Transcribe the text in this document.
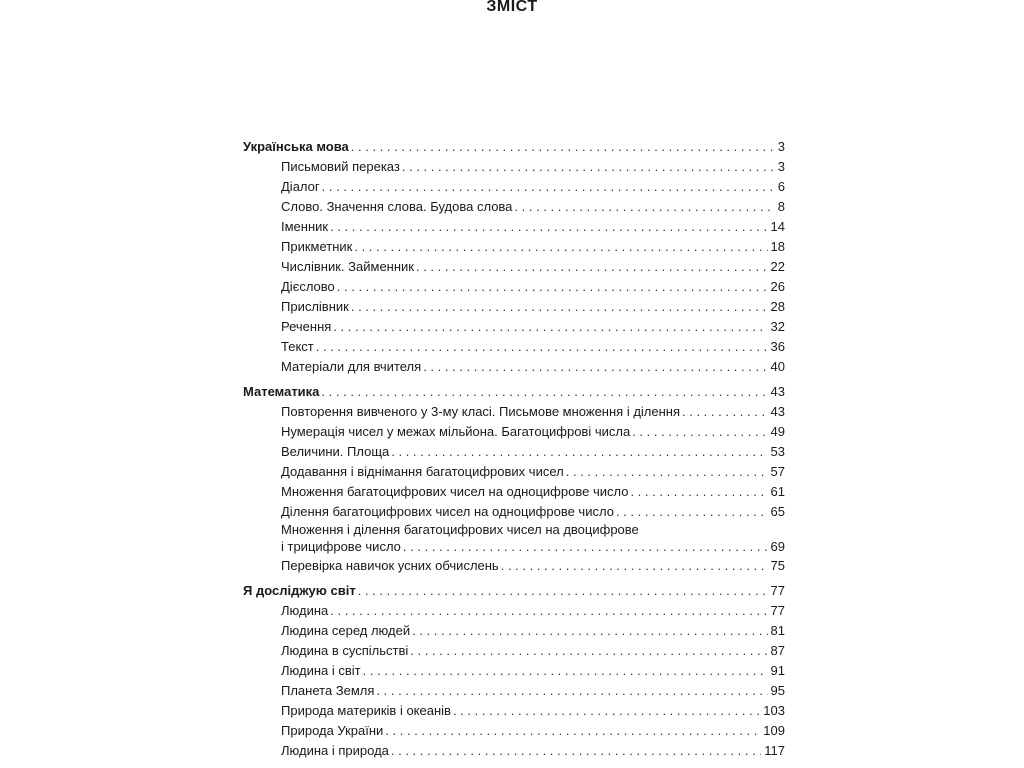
ЗМІСТ
Українська мова . . .	3
Письмовий переказ . . .	3
Діалог . . .	6
Слово. Значення слова. Будова слова . . .	8
Іменник . . .	14
Прикметник . . .	18
Числівник. Займенник . . .	22
Дієслово . . .	26
Прислівник . . .	28
Речення . . .	32
Текст . . .	36
Матеріали для вчителя . . .	40
Математика . . .	43
Повторення вивченого у 3-му класі. Письмове множення і ділення . . .	43
Нумерація чисел у межах мільйона. Багатоцифрові числа . . .	49
Величини. Площа . . .	53
Додавання і віднімання багатоцифрових чисел . . .	57
Множення багатоцифрових чисел на одноцифрове число . . .	61
Ділення багатоцифрових чисел на одноцифрове число . . .	65
Множення і ділення багатоцифрових чисел на двоцифрове
і трицифрове число . . .	69
Перевірка навичок усних обчислень . . .	75
Я досліджую світ . . .	77
Людина . . .	77
Людина серед людей . . .	81
Людина в суспільстві . . .	87
Людина і світ . . .	91
Планета Земля . . .	95
Природа материків і океанів . . .	103
Природа України . . .	109
Людина і природа . . .	117
